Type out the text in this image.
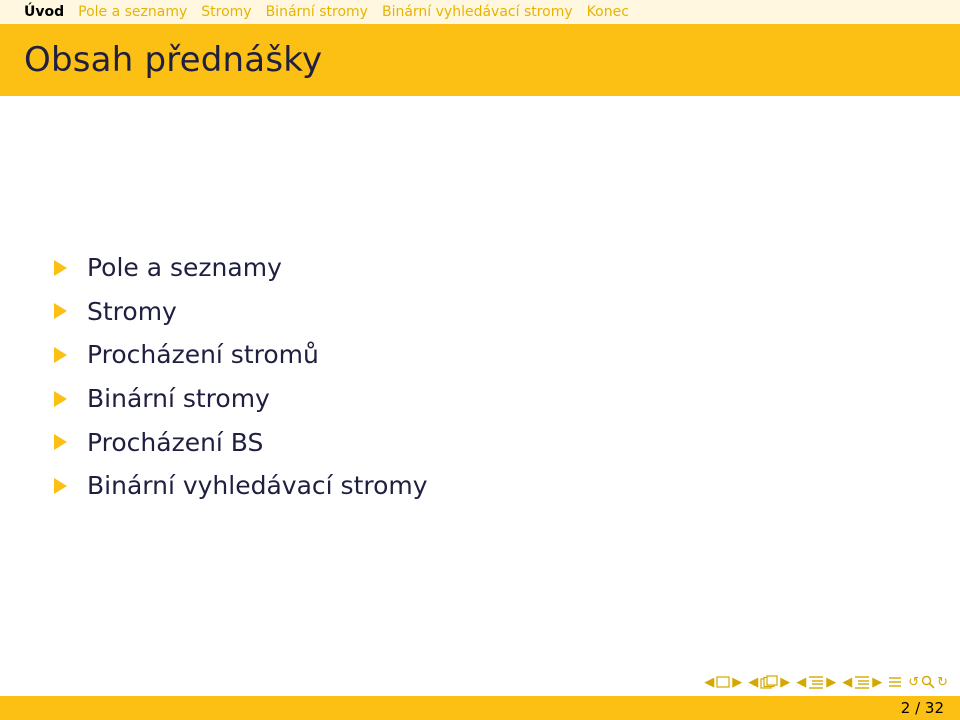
Úvod Pole a seznamy Stromy Binární stromy Binární vyhledávací stromy Konec
Obsah přednášky
Pole a seznamy
Stromy
Procházení stromů
Binární stromy
Procházení BS
Binární vyhledávací stromy
◀ ▶ ◀ ▶ ◀ ▶ ◀ ▶ ↺ ↻
2 / 32
